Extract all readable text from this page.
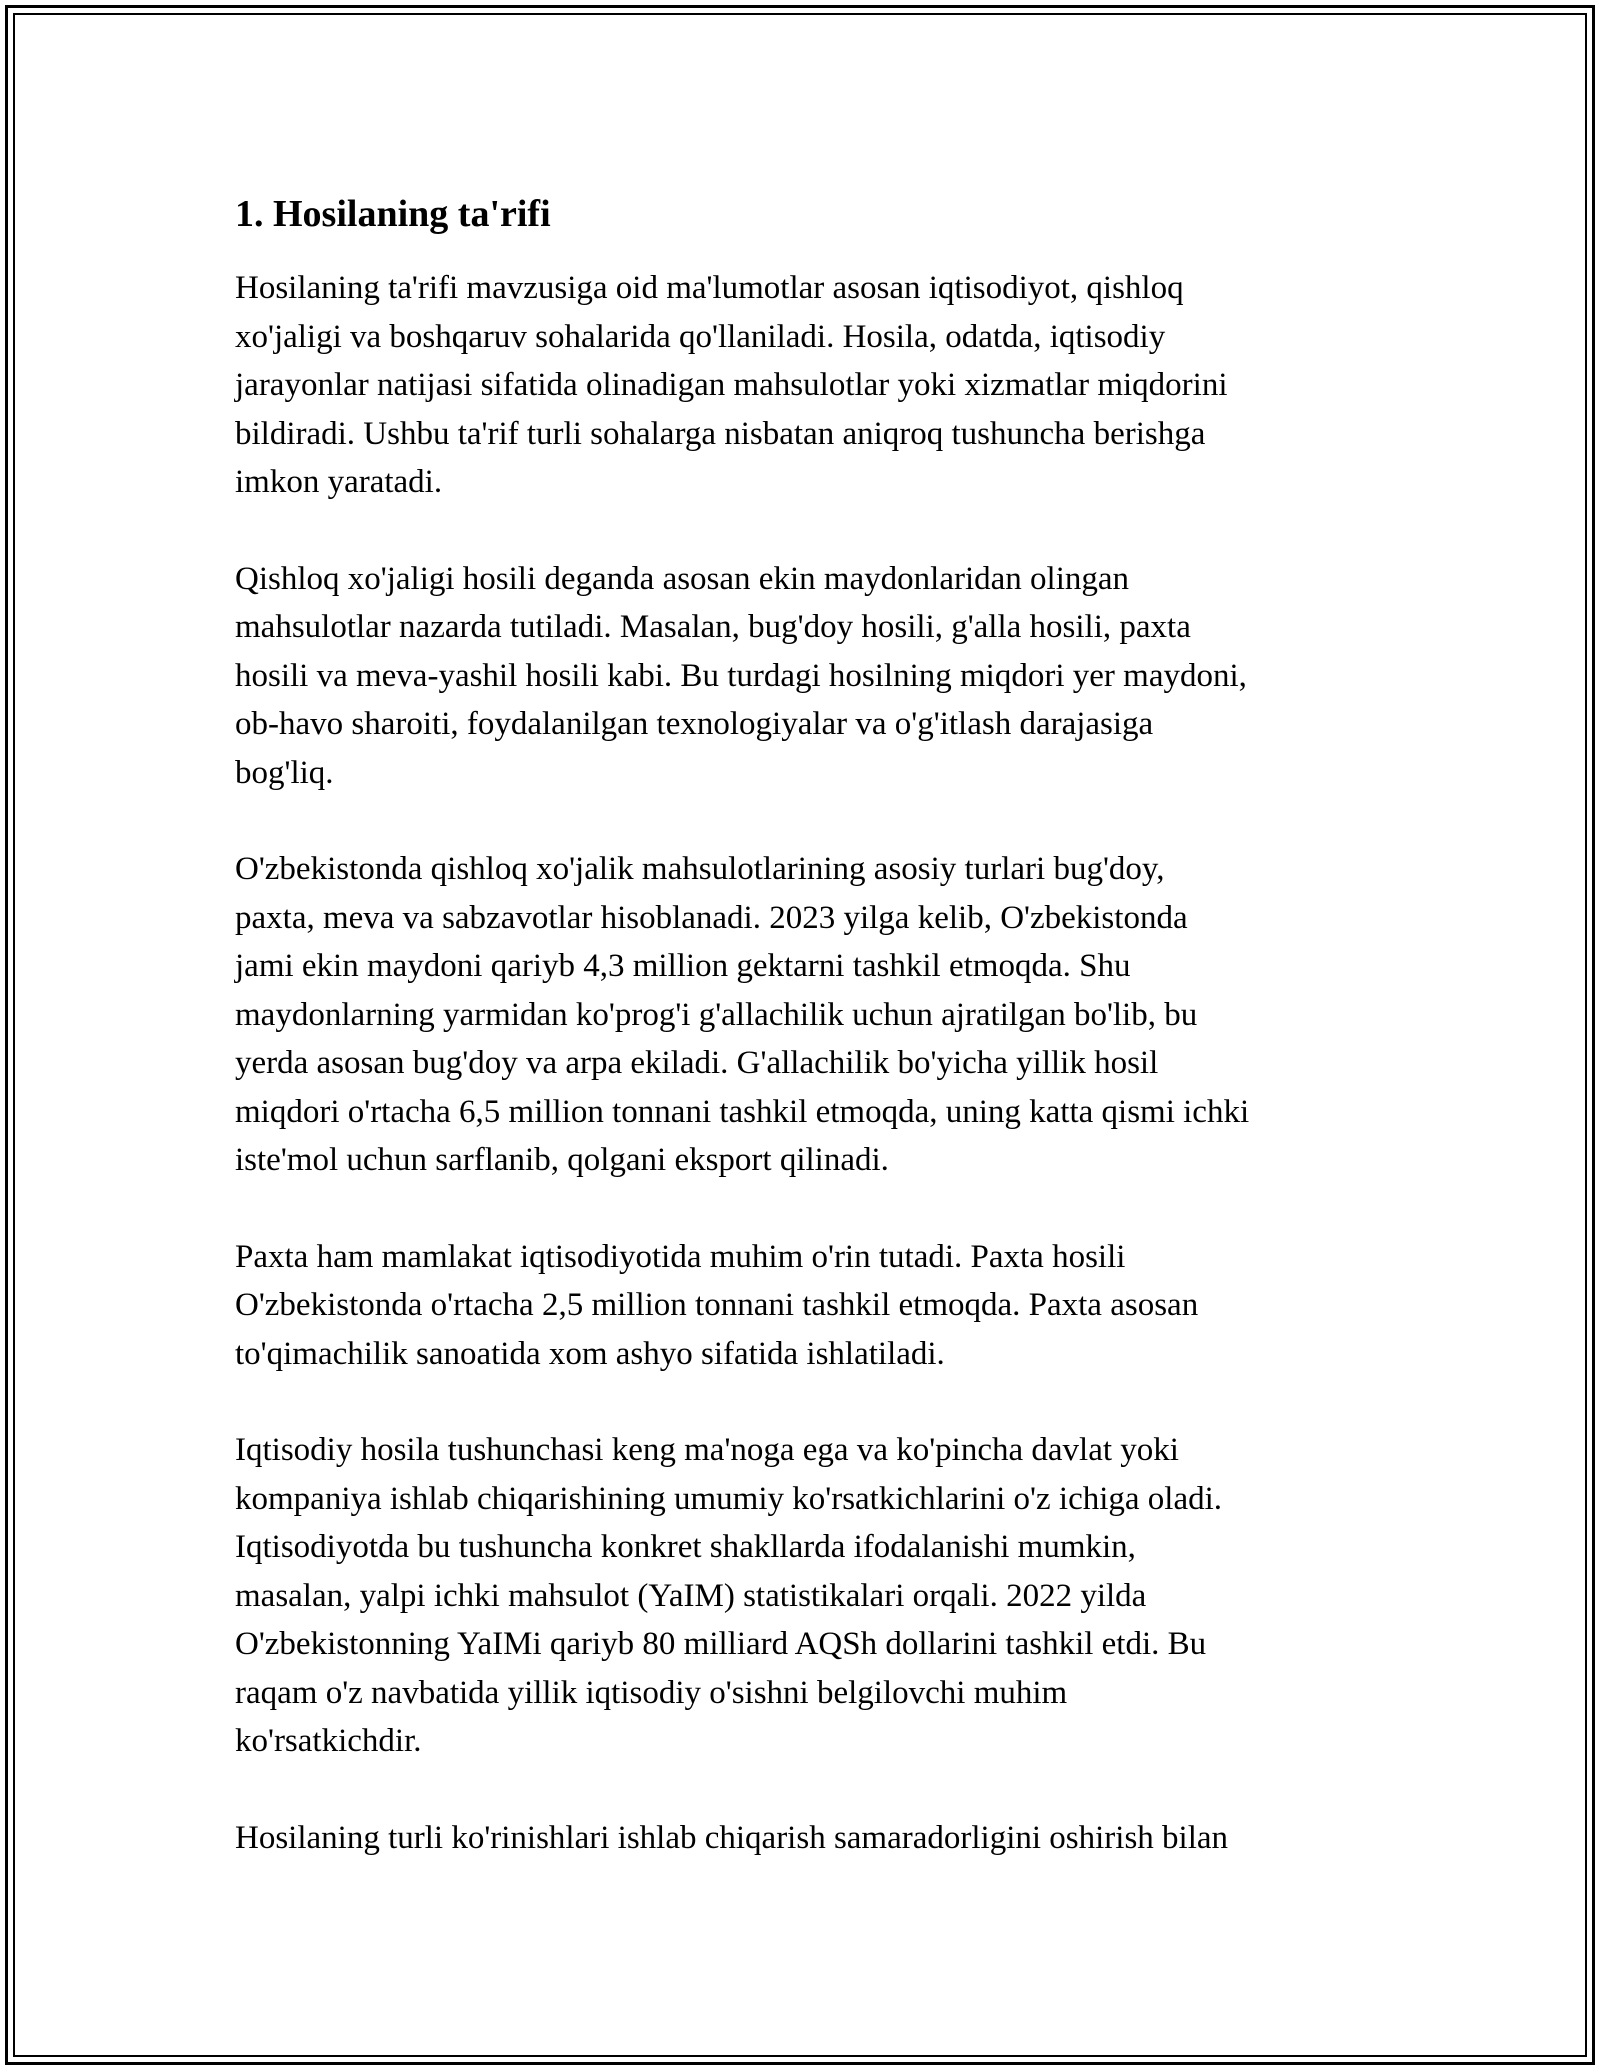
1. Hosilaning ta'rifi

Hosilaning ta'rifi mavzusiga oid ma'lumotlar asosan iqtisodiyot, qishloq
xo'jaligi va boshqaruv sohalarida qo'llaniladi. Hosila, odatda, iqtisodiy
jarayonlar natijasi sifatida olinadigan mahsulotlar yoki xizmatlar miqdorini
bildiradi. Ushbu ta'rif turli sohalarga nisbatan aniqroq tushuncha berishga
imkon yaratadi.

Qishloq xo'jaligi hosili deganda asosan ekin maydonlaridan olingan
mahsulotlar nazarda tutiladi. Masalan, bug'doy hosili, g'alla hosili, paxta
hosili va meva-yashil hosili kabi. Bu turdagi hosilning miqdori yer maydoni,
ob-havo sharoiti, foydalanilgan texnologiyalar va o'g'itlash darajasiga
bog'liq.

O'zbekistonda qishloq xo'jalik mahsulotlarining asosiy turlari bug'doy,
paxta, meva va sabzavotlar hisoblanadi. 2023 yilga kelib, O'zbekistonda
jami ekin maydoni qariyb 4,3 million gektarni tashkil etmoqda. Shu
maydonlarning yarmidan ko'prog'i g'allachilik uchun ajratilgan bo'lib, bu
yerda asosan bug'doy va arpa ekiladi. G'allachilik bo'yicha yillik hosil
miqdori o'rtacha 6,5 million tonnani tashkil etmoqda, uning katta qismi ichki
iste'mol uchun sarflanib, qolgani eksport qilinadi.

Paxta ham mamlakat iqtisodiyotida muhim o'rin tutadi. Paxta hosili
O'zbekistonda o'rtacha 2,5 million tonnani tashkil etmoqda. Paxta asosan
to'qimachilik sanoatida xom ashyo sifatida ishlatiladi.

Iqtisodiy hosila tushunchasi keng ma'noga ega va ko'pincha davlat yoki
kompaniya ishlab chiqarishining umumiy ko'rsatkichlarini o'z ichiga oladi.
Iqtisodiyotda bu tushuncha konkret shakllarda ifodalanishi mumkin,
masalan, yalpi ichki mahsulot (YaIM) statistikalari orqali. 2022 yilda
O'zbekistonning YaIMi qariyb 80 milliard AQSh dollarini tashkil etdi. Bu
raqam o'z navbatida yillik iqtisodiy o'sishni belgilovchi muhim
ko'rsatkichdir.

Hosilaning turli ko'rinishlari ishlab chiqarish samaradorligini oshirish bilan
